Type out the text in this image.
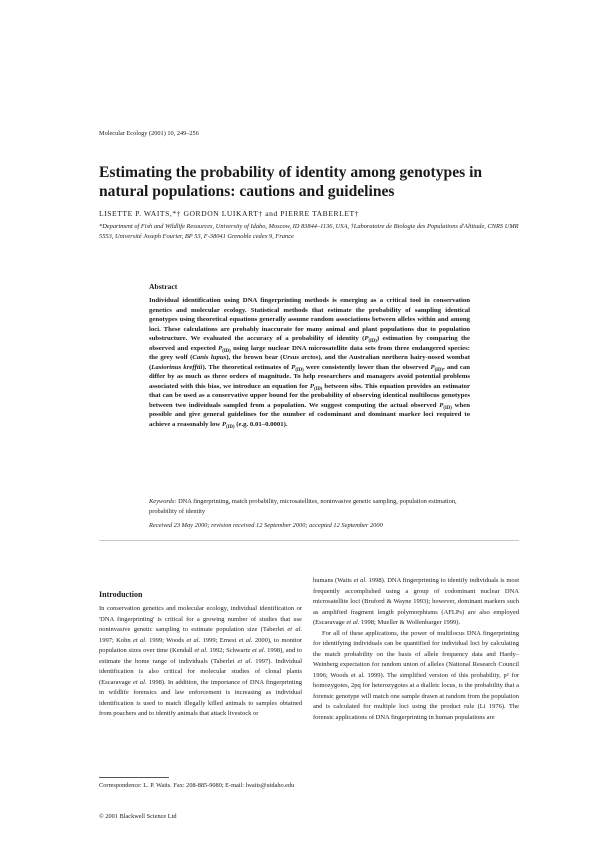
Molecular Ecology (2001) 10, 249–256
Estimating the probability of identity among genotypes in natural populations: cautions and guidelines
LISETTE P. WAITS,*† GORDON LUIKART† and PIERRE TABERLET†
*Department of Fish and Wildlife Resources, University of Idaho, Moscow, ID 83844–1136, USA, †Laboratoire de Biologie des Populations d'Altitude, CNRS UMR 5553, Université Joseph Fourier, BP 53, F-38041 Grenoble cedex 9, France
Abstract

Individual identification using DNA fingerprinting methods is emerging as a critical tool in conservation genetics and molecular ecology. Statistical methods that estimate the probability of sampling identical genotypes using theoretical equations generally assume random associations between alleles within and among loci. These calculations are probably inaccurate for many animal and plant populations due to population substructure. We evaluated the accuracy of a probability of identity $(P_{(ID)})$ estimation by comparing the observed and expected $P_{(ID)}$ using large nuclear DNA microsatellite data sets from three endangered species: the grey wolf (Canis lupus), the brown bear (Ursus arctos), and the Australian northern hairy-nosed wombat (Lasiorinus krefftii). The theoretical estimates of $P_{(ID)}$ were consistently lower than the observed $P_{(ID)}$, and can differ by as much as three orders of magnitude. To help researchers and managers avoid potential problems associated with this bias, we introduce an equation for $P_{(ID)}$ between sibs. This equation provides an estimator that can be used as a conservative upper bound for the probability of observing identical multilocus genotypes between two individuals sampled from a population. We suggest computing the actual observed $P_{(ID)}$ when possible and give general guidelines for the number of codominant and dominant marker loci required to achieve a reasonably low $P_{(ID)}$ (e.g. 0.01–0.0001).

Keywords: DNA fingerprinting, match probability, microsatellites, noninvasive genetic sampling, population estimation, probability of identity
Received 23 May 2000; revision received 12 September 2000; accepted 12 September 2000
Introduction

In conservation genetics and molecular ecology, individual identification or 'DNA fingerprinting' is critical for a growing number of studies that use noninvasive genetic sampling to estimate population size (Taberlet et al. 1997; Kohn et al. 1999; Woods et al. 1999; Ernest et al. 2000), to monitor population sizes over time (Kendall et al. 1992; Schwartz et al. 1998), and to estimate the home range of individuals (Taberlet et al. 1997). Individual identification is also critical for molecular studies of clonal plants (Escaravage et al. 1998). In addition, the importance of DNA fingerprinting in wildlife forensics and law enforcement is increasing as individual identification is used to match illegally killed animals to samples obtained from poachers and to identify animals that attack livestock or

humans (Waits et al. 1998). DNA fingerprinting to identify individuals is most frequently accomplished using a group of codominant nuclear DNA microsatellite loci (Bruford & Wayne 1993); however, dominant markers such as amplified fragment length polymorphisms (AFLPs) are also employed (Escaravage et al. 1998; Mueller & Wolfenbarger 1999).

For all of these applications, the power of multilocus DNA fingerprinting for identifying individuals can be quantified for individual loci by calculating the match probability on the basis of allele frequency data and Hardy–Weinberg expectation for random union of alleles (National Research Council 1996; Woods et al. 1999). The simplified version of this probability, p² for homozygotes, 2pq for heterozygotes at a dialleic locus, is the probability that a forensic genotype will match one sample drawn at random from the population and is calculated for multiple loci using the product rule (Li 1976). The forensic applications of DNA fingerprinting in human populations are

Correspondence: L. P. Waits. Fax: 208-885-9080; E-mail: lwaits@uidaho.edu
© 2001 Blackwell Science Ltd
